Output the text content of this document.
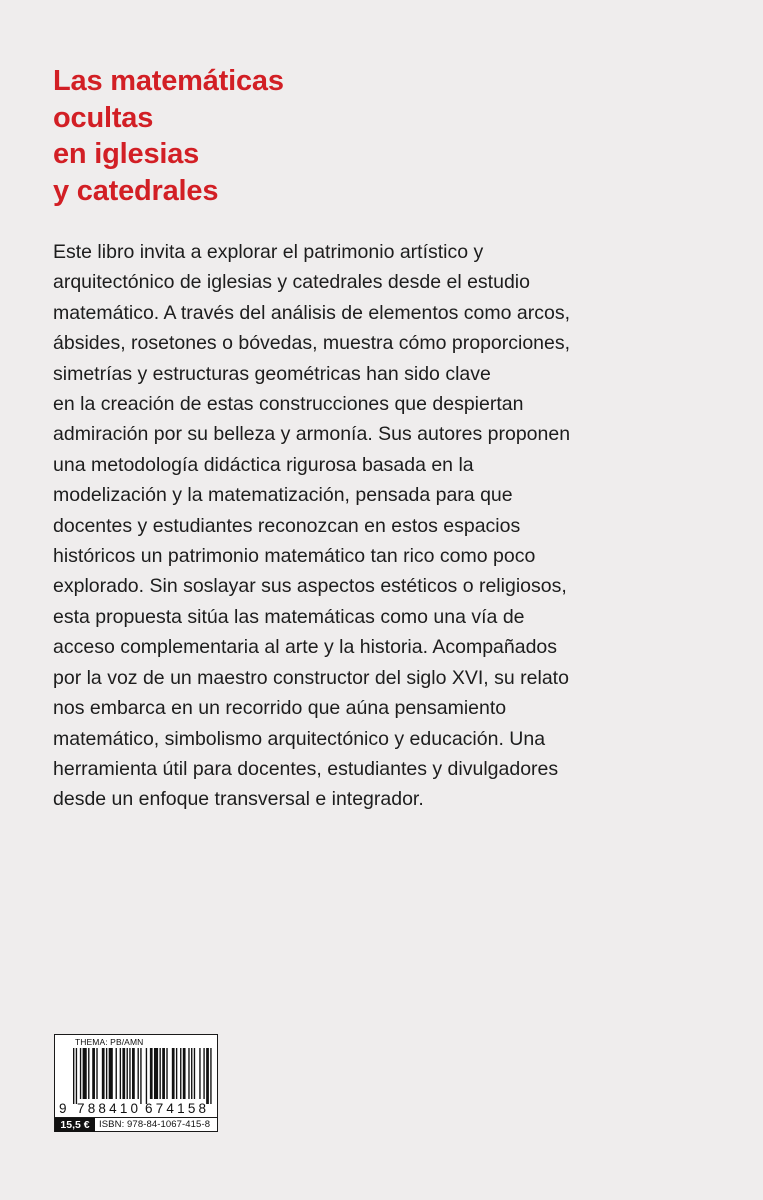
Las matemáticas
ocultas
en iglesias
y catedrales
Este libro invita a explorar el patrimonio artístico y
arquitectónico de iglesias y catedrales desde el estudio
matemático. A través del análisis de elementos como arcos,
ábsides, rosetones o bóvedas, muestra cómo proporciones,
simetrías y estructuras geométricas han sido clave
en la creación de estas construcciones que despiertan
admiración por su belleza y armonía. Sus autores proponen
una metodología didáctica rigurosa basada en la
modelización y la matematización, pensada para que
docentes y estudiantes reconozcan en estos espacios
históricos un patrimonio matemático tan rico como poco
explorado. Sin soslayar sus aspectos estéticos o religiosos,
esta propuesta sitúa las matemáticas como una vía de
acceso complementaria al arte y la historia. Acompañados
por la voz de un maestro constructor del siglo XVI, su relato
nos embarca en un recorrido que aúna pensamiento
matemático, simbolismo arquitectónico y educación. Una
herramienta útil para docentes, estudiantes y divulgadores
desde un enfoque transversal e integrador.
THEMA: PB/AMN
9 788410 674158
15,5 € ISBN: 978-84-1067-415-8
